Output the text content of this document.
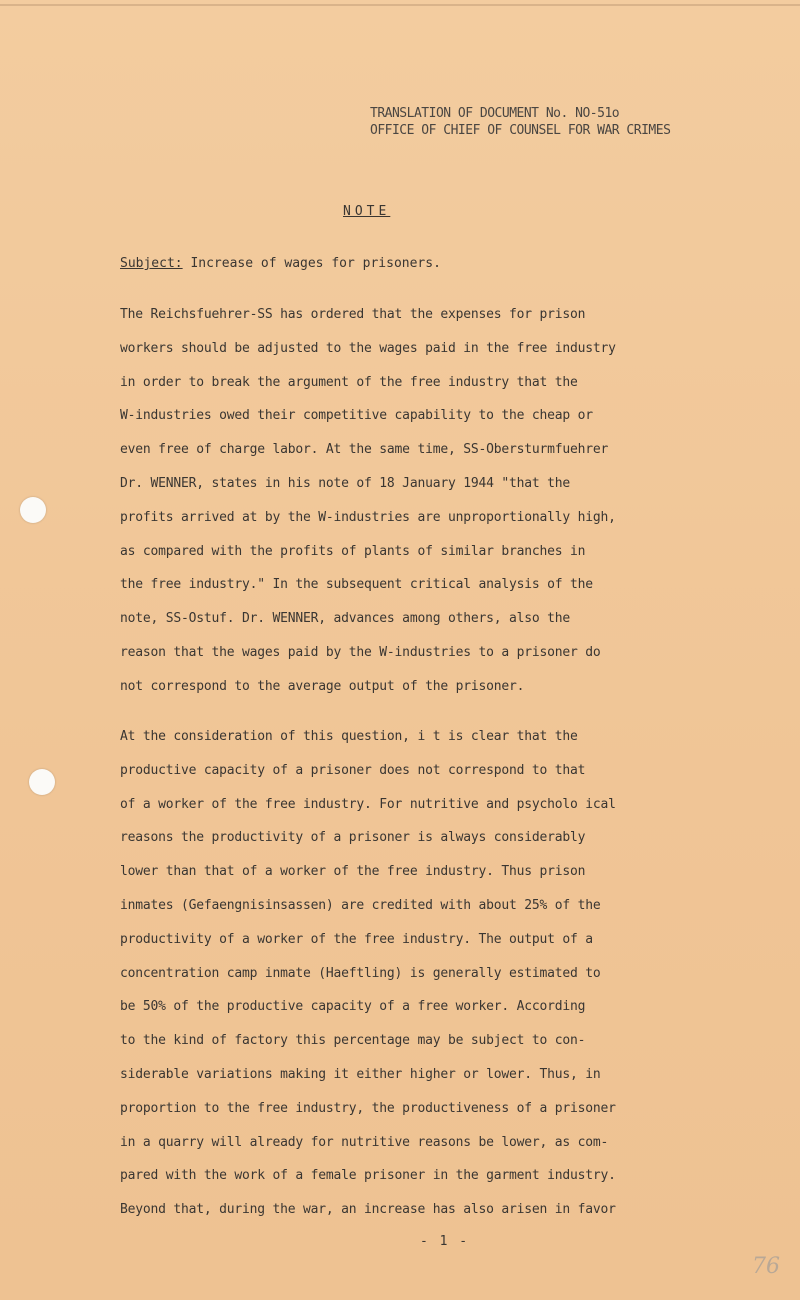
TRANSLATION OF DOCUMENT No. NO-51o
OFFICE OF CHIEF OF COUNSEL FOR WAR CRIMES
NOTE
Subject: Increase of wages for prisoners.
The Reichsfuehrer-SS has ordered that the expenses for prison
workers should be adjusted to the wages paid in the free industry
in order to break the argument of the free industry that the
W-industries owed their competitive capability to the cheap or
even free of charge labor. At the same time, SS-Obersturmfuehrer
Dr. WENNER, states in his note of 18 January 1944 "that the
profits arrived at by the W-industries are unproportionally high,
as compared with the profits of plants of similar branches in
the free industry." In the subsequent critical analysis of the
note, SS-Ostuf. Dr. WENNER, advances among others, also the
reason that the wages paid by the W-industries to a prisoner do
not correspond to the average output of the prisoner.
At the consideration of this question, i t is clear that the
productive capacity of a prisoner does not correspond to that
of a worker of the free industry. For nutritive and psycholo ical
reasons the productivity of a prisoner is always considerably
lower than that of a worker of the free industry. Thus prison
inmates (Gefaengnisinsassen) are credited with about 25% of the
productivity of a worker of the free industry. The output of a
concentration camp inmate (Haeftling) is generally estimated to
be 50% of the productive capacity of a free worker. According
to the kind of factory this percentage may be subject to con-
siderable variations making it either higher or lower. Thus, in
proportion to the free industry, the productiveness of a prisoner
in a quarry will already for nutritive reasons be lower, as com-
pared with the work of a female prisoner in the garment industry.
Beyond that, during the war, an increase has also arisen in favor
- 1 -
76
